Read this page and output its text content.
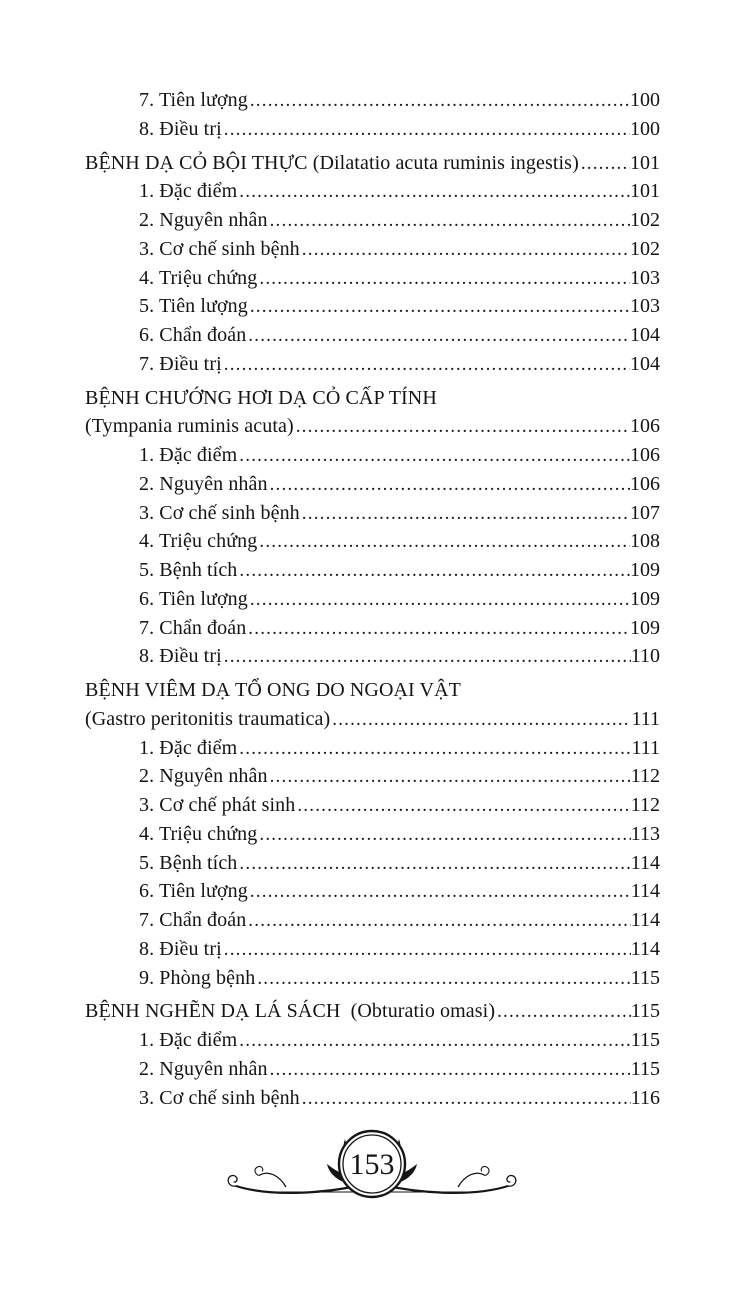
7. Tiên lượng .....	100
8. Điều trị .....	100
BỆNH DẠ CỎ BỘI THỰC (Dilatatio acuta ruminis ingestis) .....	101
1. Đặc điểm .....	101
2. Nguyên nhân .....	102
3. Cơ chế sinh bệnh .....	102
4. Triệu chứng .....	103
5. Tiên lượng .....	103
6. Chẩn đoán .....	104
7. Điều trị .....	104
BỆNH CHƯỚNG HƠI DẠ CỎ CẤP TÍNH
(Tympania ruminis acuta) .....	106
1. Đặc điểm .....	106
2. Nguyên nhân .....	106
3. Cơ chế sinh bệnh .....	107
4. Triệu chứng .....	108
5. Bệnh tích .....	109
6. Tiên lượng .....	109
7. Chẩn đoán .....	109
8. Điều trị .....	110
BỆNH VIÊM DẠ TỔ ONG DO NGOẠI VẬT
(Gastro peritonitis traumatica) .....	111
1. Đặc điểm .....	111
2. Nguyên nhân .....	112
3. Cơ chế phát sinh .....	112
4. Triệu chứng .....	113
5. Bệnh tích .....	114
6. Tiên lượng .....	114
7. Chẩn đoán .....	114
8. Điều trị .....	114
9. Phòng bệnh .....	115
BỆNH NGHẼN DẠ LÁ SÁCH  (Obturatio omasi) .....	115
1. Đặc điểm .....	115
2. Nguyên nhân .....	115
3. Cơ chế sinh bệnh .....	116
153
